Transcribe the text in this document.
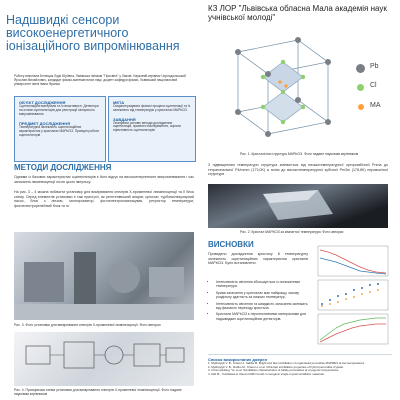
Надшвидкі сенсори високоенергетичного іонізаційного випромінювання
КЗ ЛОР "Львівська обласна Мала академія наук учнівської молоді"
Роботу виконала Белещак Лідія Юріївна, Львівська гімназія "Просвіта" у Львові. Науковий керівник Чорнодольський Ярослав Михайлович, кандидат фізико-математичних наук, доцент кафедри фізики, Львівський національний університет імені Івана Франка
ОБ'ЄКТ ДОСЛІДЖЕННЯ
Сцинтиляційні матеріали та їх властивості. Детектори на основі сцинтиляторів для реєстрації іонізуючого випромінювання
ПРЕДМЕТ ДОСЛІДЖЕННЯ
Температурна залежність сцинтиляційних характеристик у кристалах MAPbCl3. Принцип роботи сцинтиляторів
МЕТА
Охарактеризувати фізичні процеси сцинтиляції та їх залежність від температури у кристалах MAPbCl3
ЗАВДАННЯ
Опанувати основні методи дослідження сцинтиляцій, провести експерименти, оцінити ефективність сцинтиляторів
МЕТОДИ ДОСЛІДЖЕННЯ
Одними із базових характеристик сцинтиляторів є його відгук на високоенергетичне випромінювання і час загасання люмінесценції після цього імпульсу.
На рис. 3 – 4 можна побачити установку для вимірювання спектрів Х-променевої люмінесценції та її блок схему. Серед елементів установки є такі пристрої, як рентгенівський апарат, кріостат, турбомолекулярний насос, блок з лінзою, монохроматор, фотоелектропомножувач, регулятор температури, фотоелектрорелейний блок та ін.
Рис. 3. Фото установки для вимірювання спектрів Х-променевої люмінесценції. Фото авторки
Рис. 4. Принципова схема установки для вимірювання спектрів Х-променевої люмінесценції. Фото надане науковим керівником
Pb
Cl
MA
Рис. 1. Кристалічна структура MAPbCl3. Фото надане науковим керівником
З підвищенням температури структура змінюється від низькотемпературної орторомбічної Pnma до тетрагональної P4/mmm (173,0K) а потім до високотемпературної кубічної Pm3m (178,8K) перовскітної структури
Рис. 2. Кристал MAPbCl3 за кімнатної температури. Фото авторки
ВИСНОВКИ
Проведено дослідження кристалу й температурну залежність сцинтиляційних характеристик кристалів MAPbCl3. Було встановлено:
• Інтенсивність свічення збільшується із пониженням температури.
• Крива загасання у кристалах має найкращу часову роздільну здатність за нижчих температур.
• Інтенсивність свічення та швидкість загасання залежать від фазового переходу кристала.
• Кристали MAPbCl3 є перспективними матеріалами для надшвидких сцинтиляційних детекторів.
Список використаних джерел
1. Mykhaylyk V. B., Kraus H., Saliba M. Bright and fast scintillation of organolead perovskite MAPbBr3 at low temperatures.
2. Mykhaylyk V. B., Rudko M., Kraus H. et al. Ultra-fast scintillation properties of hybrid perovskite crystals.
3. Chornodolskyy Ya. et al. Scintillation characteristics of halide perovskites at cryogenic temperatures.
4. Nikl M., Yoshikawa A. Recent R&D trends in inorganic single-crystal scintillator materials.
